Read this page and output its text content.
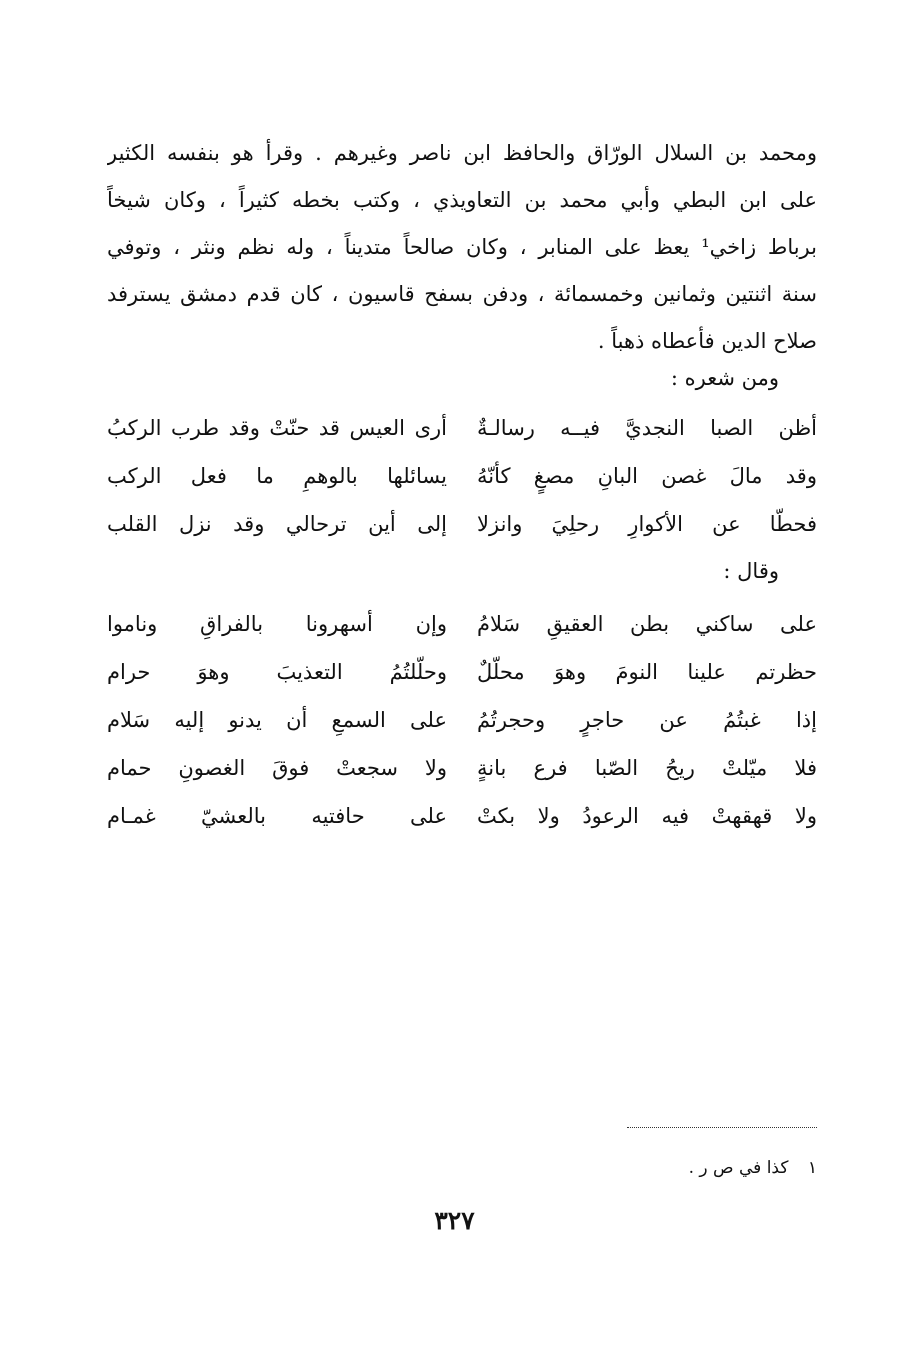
ومحمد بن السلال الورّاق والحافظ ابن ناصر وغيرهم . وقرأ هو بنفسه الكثير
على ابن البطي وأبي محمد بن التعاويذي ، وكتب بخطه كثيراً ، وكان شيخاً
برباط زاخي¹ يعظ على المنابر ، وكان صالحاً متديناً ، وله نظم ونثر ، وتوفي
سنة اثنتين وثمانين وخمسمائة ، ودفن بسفح قاسيون ، كان قدم دمشق يسترفد
صلاح الدين فأعطاه ذهباً .
ومن شعره :
أظن الصبا النجديَّ فيــه رسالـةٌ
أرى العيس قد حنّتْ وقد طرب الركبُ
وقد مالَ غصن البانِ مصغٍ كأنّهُ
يسائلها بالوهمِ ما فعل الركب
فحطّا عن الأكوارِ رحلِيَ وانزلا
إلى أين ترحالي وقد نزل القلب
وقال :
على ساكني بطن العقيقِ سَلامُ
وإن أسهرونا بالفراقِ وناموا
حظرتم علينا النومَ وهوَ محلّلٌ
وحلّلتُمُ التعذيبَ وهوَ حرام
إذا غبتُمُ عن حاجرٍ وحجرتُمُ
على السمعِ أن يدنو إليه سَلام
فلا ميّلتْ ريحُ الصّبا فرع بانةٍ
ولا سجعتْ فوقَ الغصونِ حمام
ولا قهقهتْ فيه الرعودُ ولا بكتْ
على حافتيه بالعشيّ غمـام
١ كذا في ص ر .
٣٢٧
